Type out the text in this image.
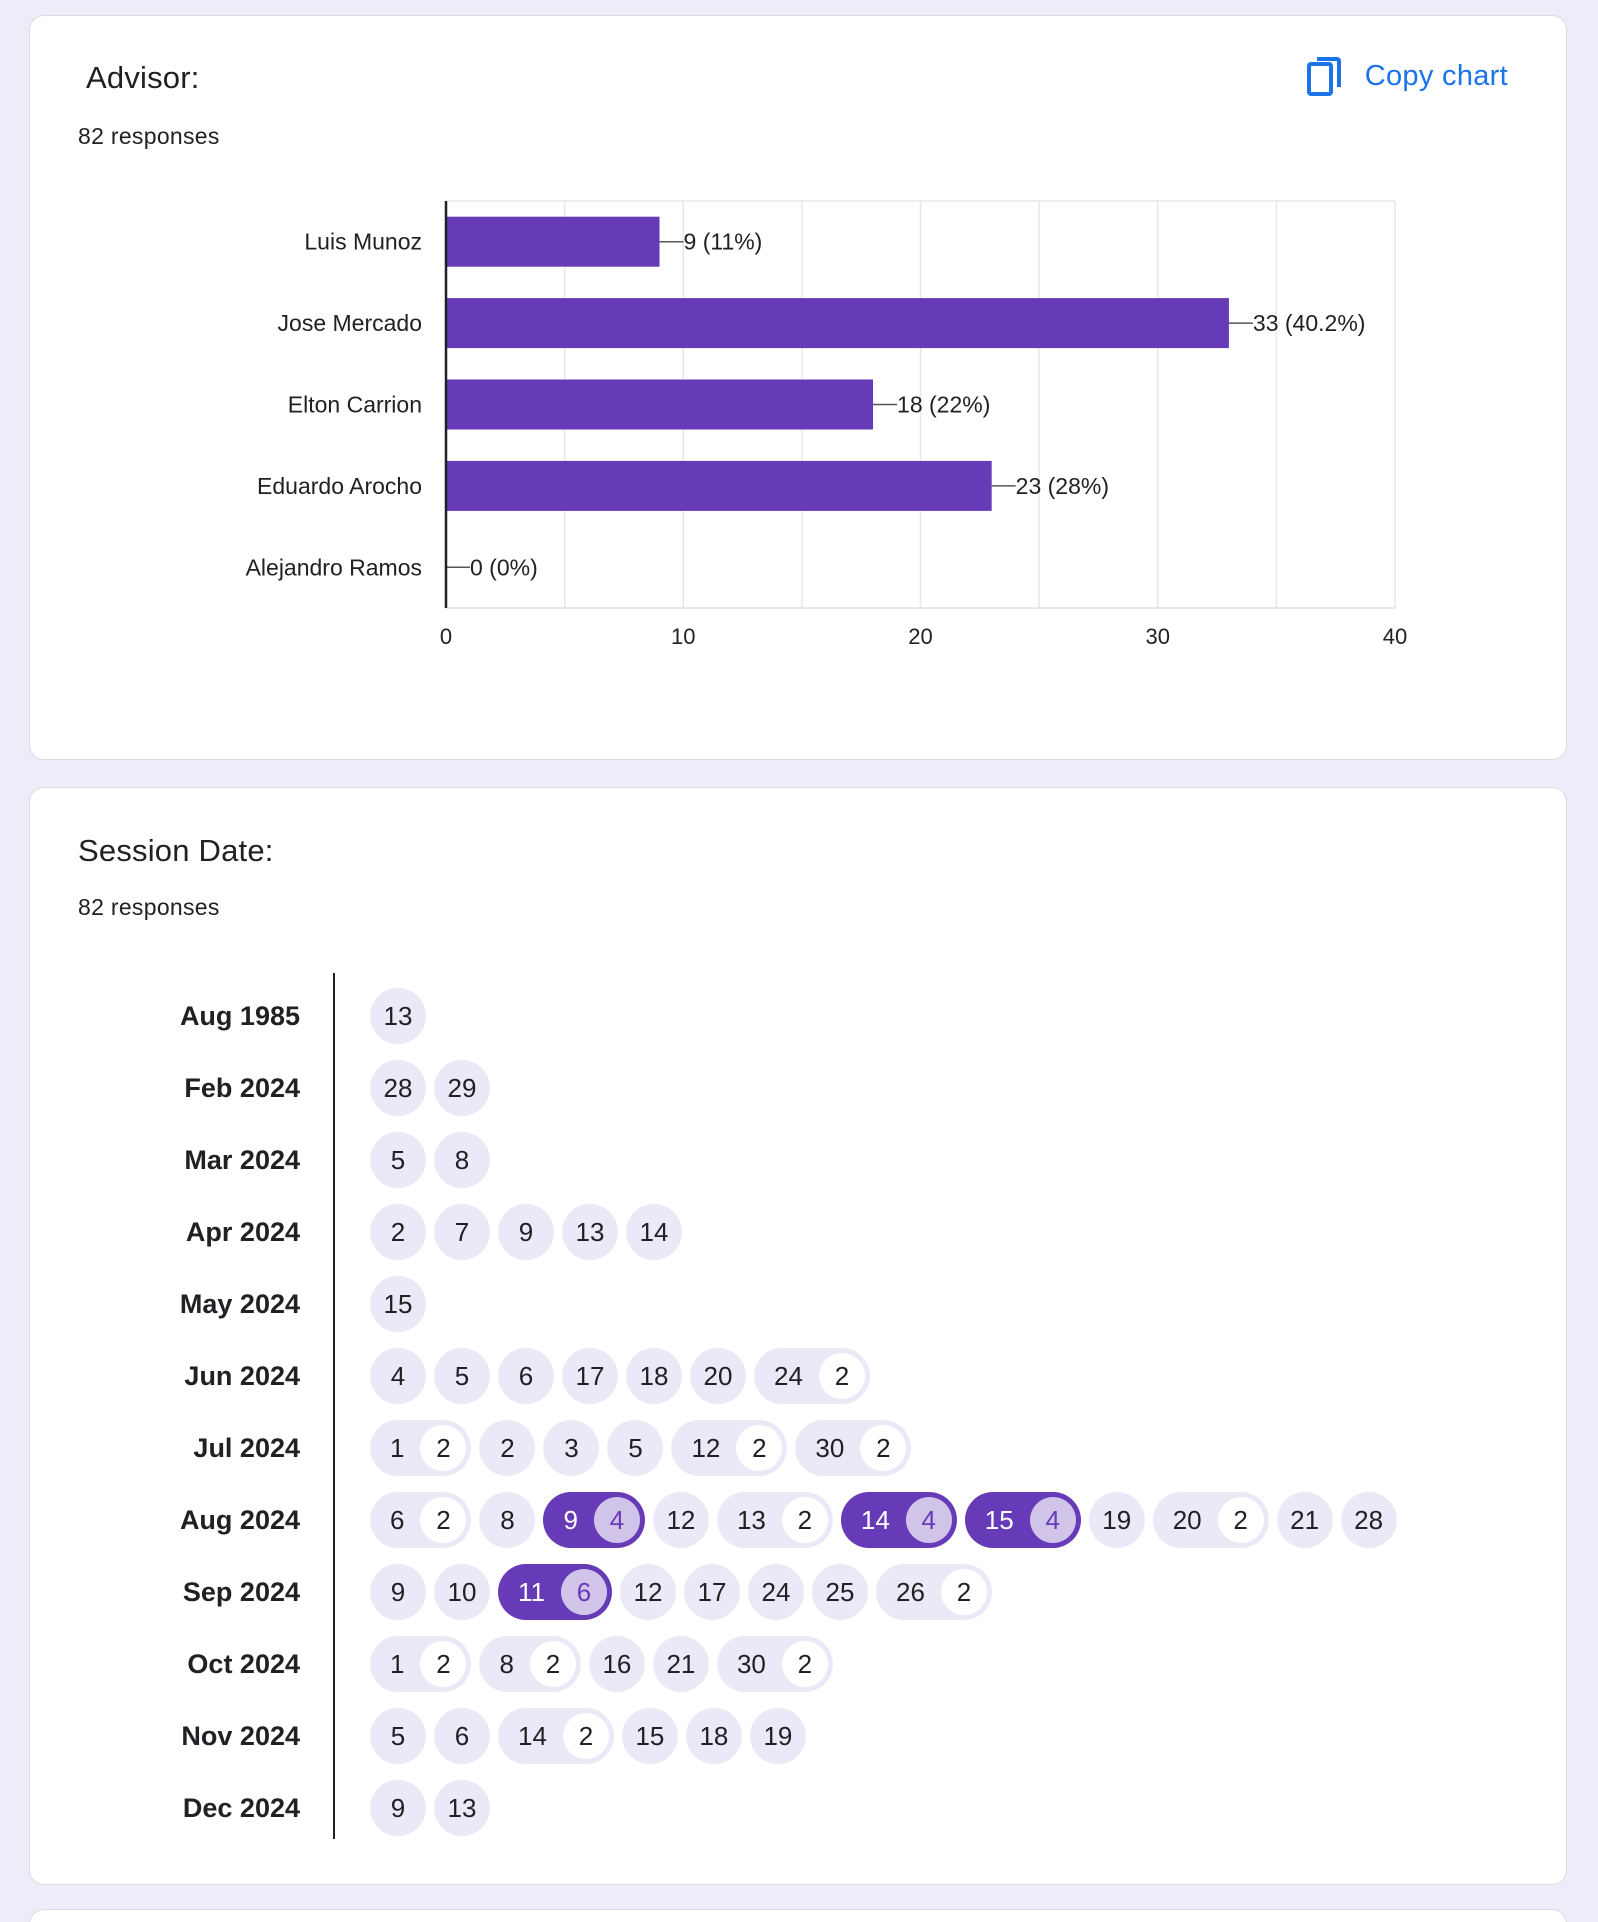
Advisor:
82 responses
Copy chart
0	10	20	30	40
Luis Munoz	9 (11%)
Jose Mercado	33 (40.2%)
Elton Carrion	18 (22%)
Eduardo Arocho	23 (28%)
Alejandro Ramos 0 (0%)
Session Date:
82 responses
Aug 1985	13
Feb 2024	28 29
Mar 2024	5 8
Apr 2024	2 7 9 13 14
May 2024	15
Jun 2024	4 5 6 17 18 20 24	2
Jul 2024	1	2	2 3 5 12	2	30	2
Aug 2024	6	2	8 9	4	12 13	2	14	4	15	4	19 20	2	21 28
Sep 2024	9 10 11	6	12 17 24 25 26	2
Oct 2024	1	2	8	2	16 21 30	2
Nov 2024	5 6 14	2	15 18 19
Dec 2024	9 13
